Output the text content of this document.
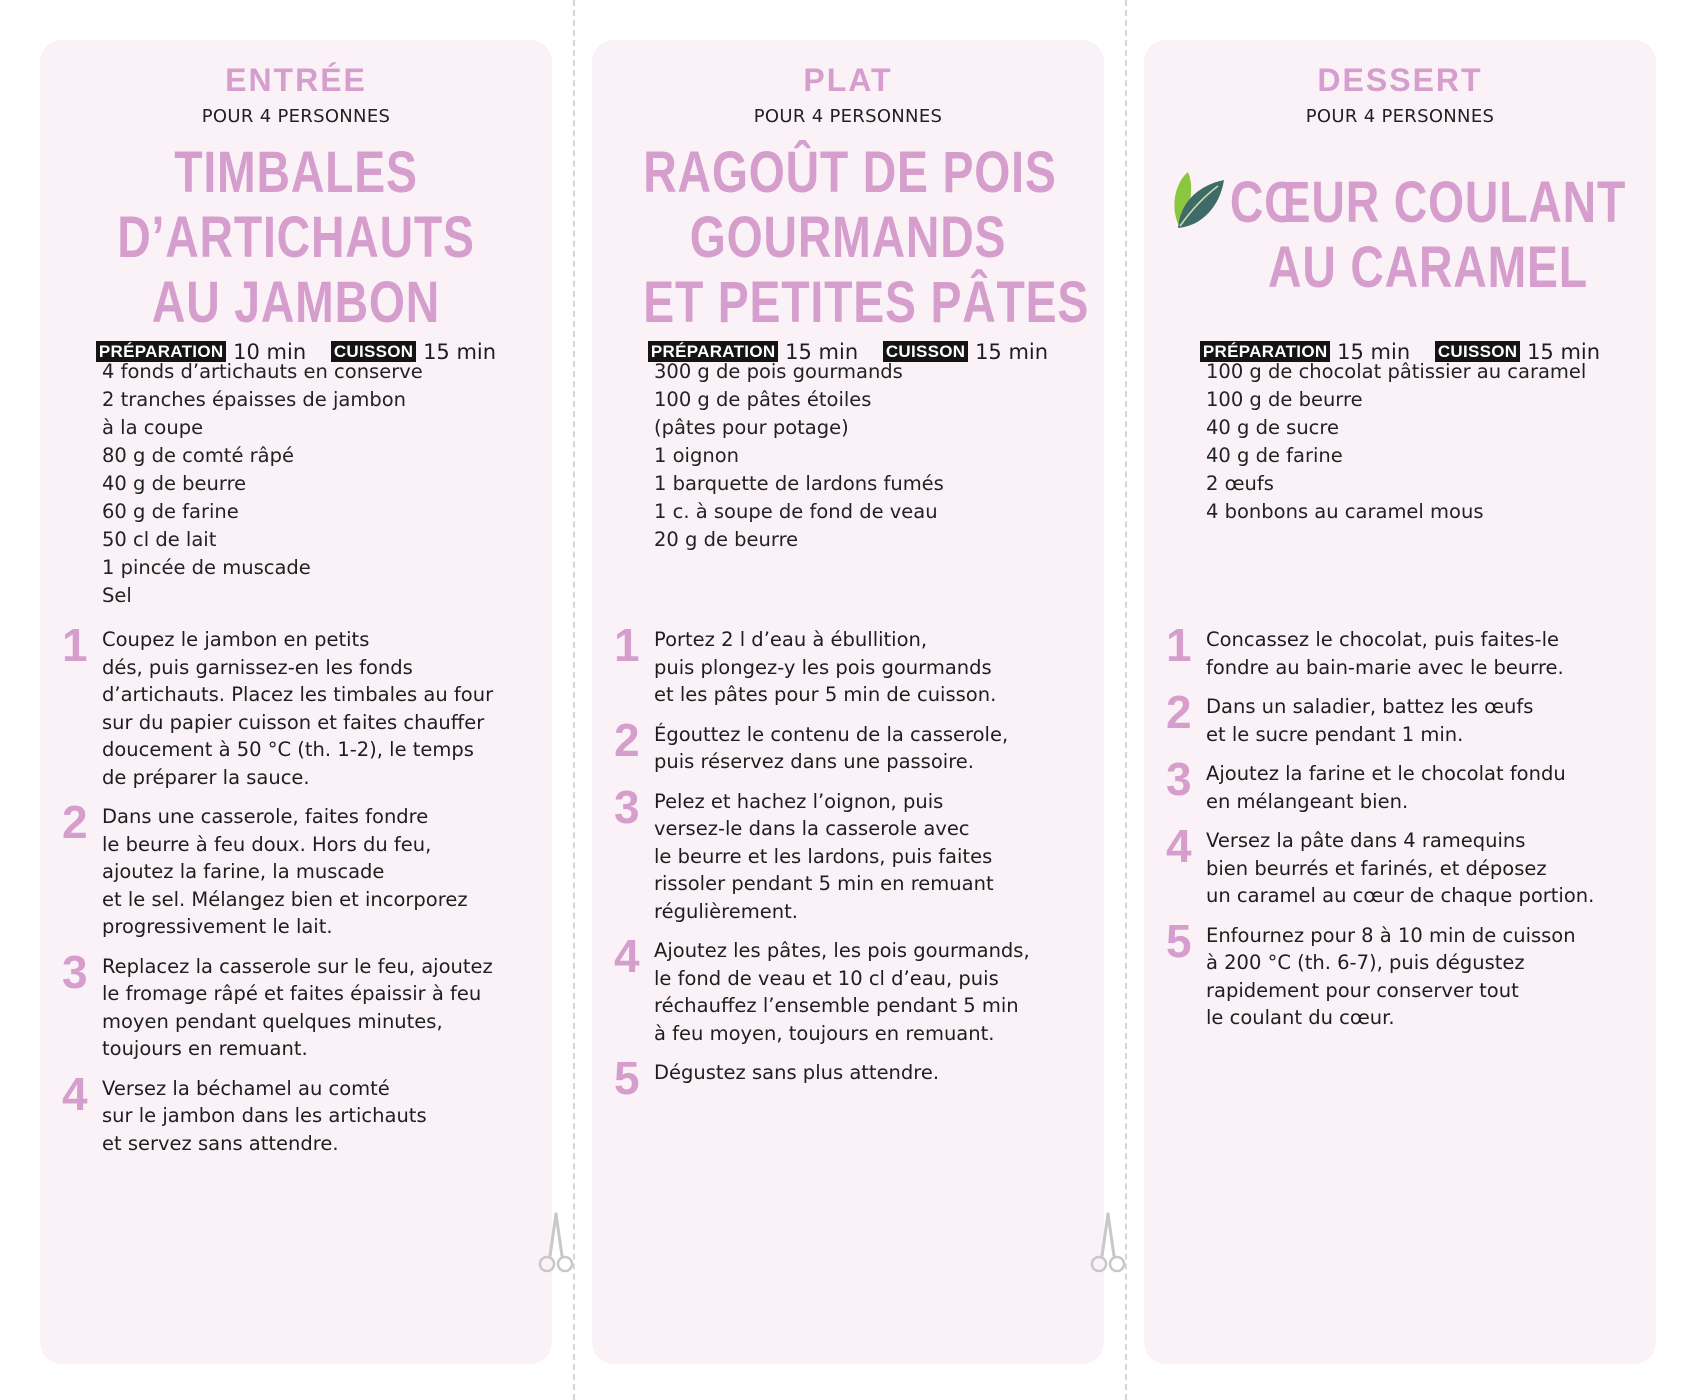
ENTRÉE
POUR 4 PERSONNES
TIMBALES
D’ARTICHAUTS
AU JAMBON
PRÉPARATION 10 min CUISSON 15 min
4 fonds d’artichauts en conserve
2 tranches épaisses de jambon
à la coupe
80 g de comté râpé
40 g de beurre
60 g de farine
50 cl de lait
1 pincée de muscade
Sel
1 Coupez le jambon en petits
dés, puis garnissez-en les fonds
d’artichauts. Placez les timbales au four
sur du papier cuisson et faites chauffer
doucement à 50 °C (th. 1-2), le temps
de préparer la sauce.
2 Dans une casserole, faites fondre
le beurre à feu doux. Hors du feu,
ajoutez la farine, la muscade
et le sel. Mélangez bien et incorporez
progressivement le lait.
3 Replacez la casserole sur le feu, ajoutez
le fromage râpé et faites épaissir à feu
moyen pendant quelques minutes,
toujours en remuant.
4 Versez la béchamel au comté
sur le jambon dans les artichauts
et servez sans attendre.
PLAT
POUR 4 PERSONNES
RAGOÛT DE POIS
GOURMANDS
ET PETITES PÂTES
PRÉPARATION 15 min CUISSON 15 min
300 g de pois gourmands
100 g de pâtes étoiles
(pâtes pour potage)
1 oignon
1 barquette de lardons fumés
1 c. à soupe de fond de veau
20 g de beurre
1 Portez 2 l d’eau à ébullition,
puis plongez-y les pois gourmands
et les pâtes pour 5 min de cuisson.
2 Égouttez le contenu de la casserole,
puis réservez dans une passoire.
3 Pelez et hachez l’oignon, puis
versez-le dans la casserole avec
le beurre et les lardons, puis faites
rissoler pendant 5 min en remuant
régulièrement.
4 Ajoutez les pâtes, les pois gourmands,
le fond de veau et 10 cl d’eau, puis
réchauffez l’ensemble pendant 5 min
à feu moyen, toujours en remuant.
5 Dégustez sans plus attendre.
DESSERT
POUR 4 PERSONNES
CŒUR COULANT
AU CARAMEL
PRÉPARATION 15 min CUISSON 15 min
100 g de chocolat pâtissier au caramel
100 g de beurre
40 g de sucre
40 g de farine
2 œufs
4 bonbons au caramel mous
1 Concassez le chocolat, puis faites-le
fondre au bain-marie avec le beurre.
2 Dans un saladier, battez les œufs
et le sucre pendant 1 min.
3 Ajoutez la farine et le chocolat fondu
en mélangeant bien.
4 Versez la pâte dans 4 ramequins
bien beurrés et farinés, et déposez
un caramel au cœur de chaque portion.
5 Enfournez pour 8 à 10 min de cuisson
à 200 °C (th. 6-7), puis dégustez
rapidement pour conserver tout
le coulant du cœur.
